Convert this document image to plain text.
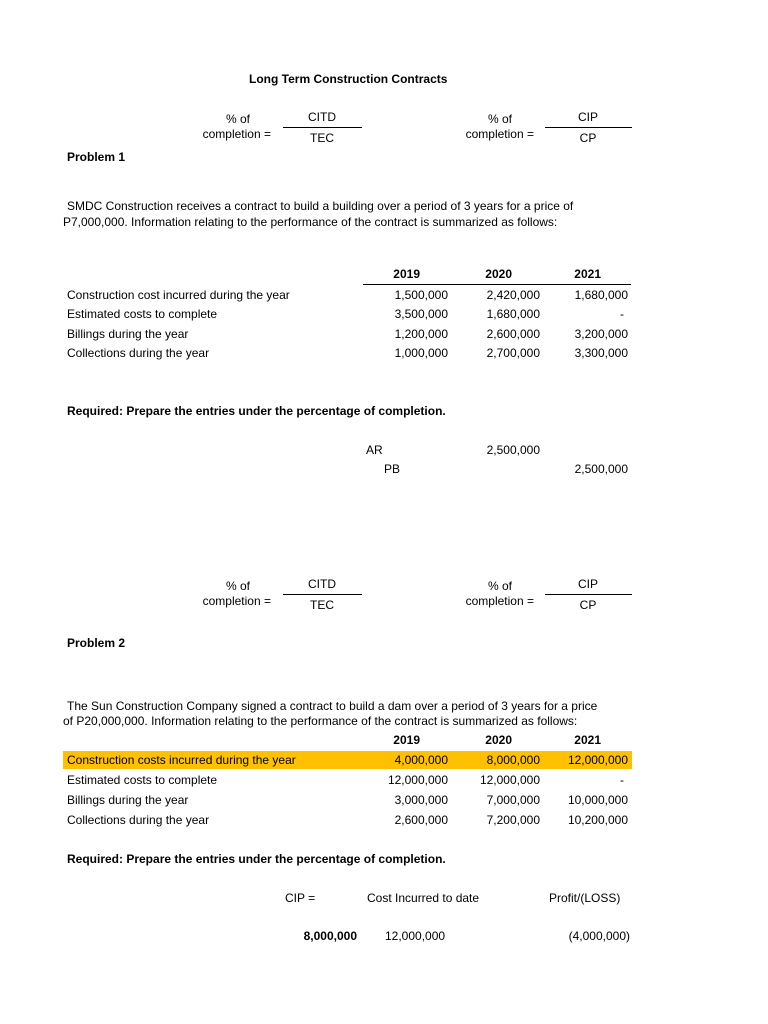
Long Term Construction Contracts
% of
completion =
CITD
TEC
% of
completion =
CIP
CP
Problem 1
SMDC Construction receives a contract to build a building over a period of 3 years for a price of
P7,000,000. Information relating to the performance of the contract is summarized as follows:
2019	2020	2021
Construction cost incurred during the year	1,500,000	2,420,000	1,680,000
Estimated costs to complete	3,500,000	1,680,000	-
Billings during the year	1,200,000	2,600,000	3,200,000
Collections during the year	1,000,000	2,700,000	3,300,000
Required: Prepare the entries under the percentage of completion.
AR	2,500,000
PB	2,500,000
% of
completion =
CITD
TEC
% of
completion =
CIP
CP
Problem 2
The Sun Construction Company signed a contract to build a dam over a period of 3 years for a price
of P20,000,000. Information relating to the performance of the contract is summarized as follows:
2019	2020	2021
Construction costs incurred during the year	4,000,000	8,000,000	12,000,000
Estimated costs to complete	12,000,000	12,000,000	-
Billings during the year	3,000,000	7,000,000	10,000,000
Collections during the year	2,600,000	7,200,000	10,200,000
Required: Prepare the entries under the percentage of completion.
CIP =	Cost Incurred to date	Profit/(LOSS)
8,000,000 12,000,000	(4,000,000)
